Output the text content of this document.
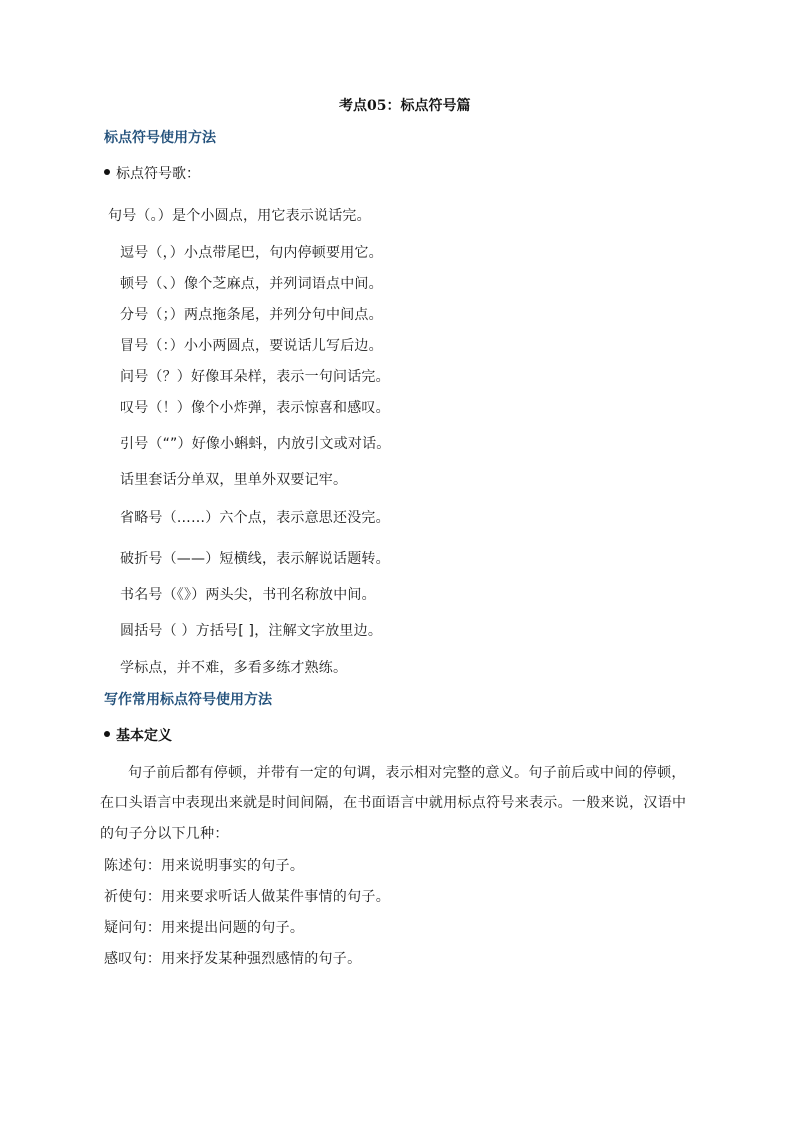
考点05：标点符号篇
标点符号使用方法
标点符号歌：
句号（。）是个小圆点，用它表示说话完。
逗号（，）小点带尾巴，句内停顿要用它。
顿号（、）像个芝麻点，并列词语点中间。
分号（；）两点拖条尾，并列分句中间点。
冒号（：）小小两圆点，要说话儿写后边。
问号（？）好像耳朵样，表示一句问话完。
叹号（！）像个小炸弹，表示惊喜和感叹。
引号（“”）好像小蝌蚪，内放引文或对话。
话里套话分单双，里单外双要记牢。
省略号（……）六个点，表示意思还没完。
破折号（——）短横线，表示解说话题转。
书名号（《》）两头尖，书刊名称放中间。
圆括号（ ）方括号[ ]，注解文字放里边。
学标点，并不难，多看多练才熟练。
写作常用标点符号使用方法
基本定义
句子前后都有停顿，并带有一定的句调，表示相对完整的意义。句子前后或中间的停顿，
在口头语言中表现出来就是时间间隔，在书面语言中就用标点符号来表示。一般来说，汉语中
的句子分以下几种：
陈述句：用来说明事实的句子。
祈使句：用来要求听话人做某件事情的句子。
疑问句：用来提出问题的句子。
感叹句：用来抒发某种强烈感情的句子。
